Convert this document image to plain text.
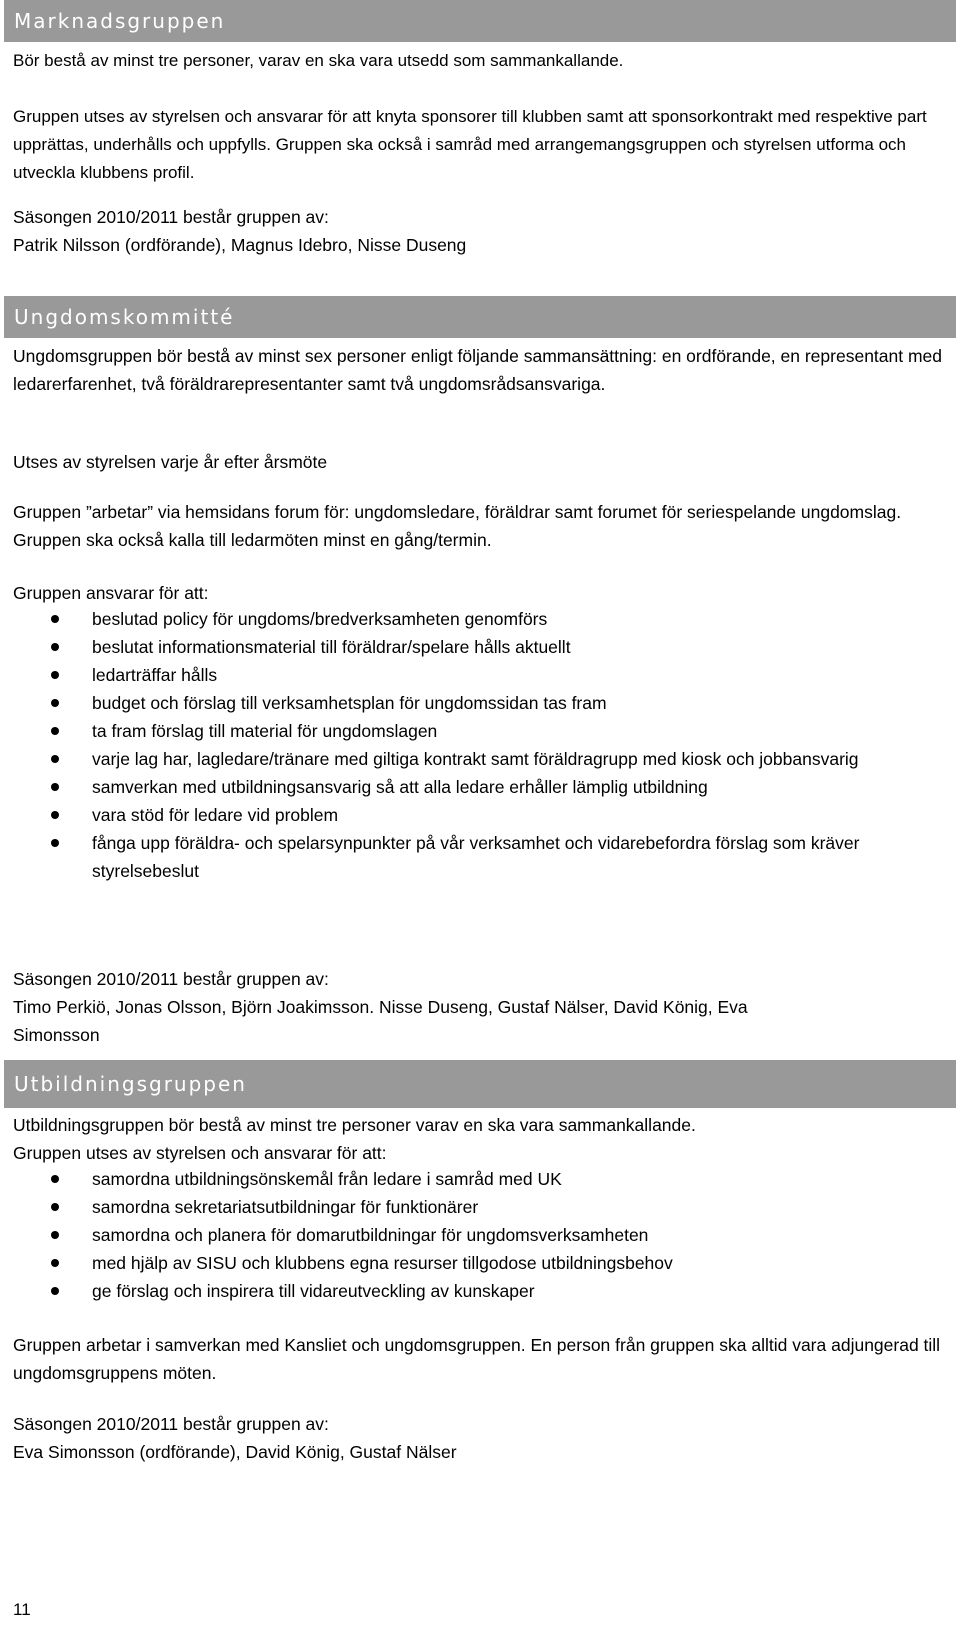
Marknadsgruppen

Bör bestå av minst tre personer, varav en ska vara utsedd som sammankallande.

Gruppen utses av styrelsen och ansvarar för att knyta sponsorer till klubben samt att sponsorkontrakt med respektive part upprättas, underhålls och uppfylls. Gruppen ska också i samråd med arrangemangsgruppen och styrelsen utforma och utveckla klubbens profil.

Säsongen 2010/2011 består gruppen av:

Patrik Nilsson (ordförande), Magnus Idebro, Nisse Duseng

Ungdomskommitté

Ungdomsgruppen bör bestå av minst sex personer enligt följande sammansättning: en ordförande, en representant med ledarerfarenhet, två föräldrarepresentanter samt två ungdomsrådsansvariga.

Utses av styrelsen varje år efter årsmöte

Gruppen ”arbetar” via hemsidans forum för: ungdomsledare, föräldrar samt forumet för seriespelande ungdomslag. Gruppen ska också kalla till ledarmöten minst en gång/termin.

Gruppen ansvarar för att:

beslutad policy för ungdoms/bredverksamheten genomförs
beslutat informationsmaterial till föräldrar/spelare hålls aktuellt
ledarträffar hålls
budget och förslag till verksamhetsplan för ungdomssidan tas fram
ta fram förslag till material för ungdomslagen
varje lag har, lagledare/tränare med giltiga kontrakt samt föräldragrupp med kiosk och jobbansvarig
samverkan med utbildningsansvarig så att alla ledare erhåller lämplig utbildning
vara stöd för ledare vid problem
fånga upp föräldra- och spelarsynpunkter på vår verksamhet och vidarebefordra förslag som kräver styrelsebeslut

Säsongen 2010/2011 består gruppen av:

Timo Perkiö, Jonas Olsson, Björn Joakimsson. Nisse Duseng, Gustaf Nälser, David König, Eva Simonsson

Utbildningsgruppen

Utbildningsgruppen bör bestå av minst tre personer varav en ska vara sammankallande.

Gruppen utses av styrelsen och ansvarar för att:

samordna utbildningsönskemål från ledare i samråd med UK
samordna sekretariatsutbildningar för funktionärer
samordna och planera för domarutbildningar för ungdomsverksamheten
med hjälp av SISU och klubbens egna resurser tillgodose utbildningsbehov
ge förslag och inspirera till vidareutveckling av kunskaper

Gruppen arbetar i samverkan med Kansliet och ungdomsgruppen. En person från gruppen ska alltid vara adjungerad till ungdomsgruppens möten.

Säsongen 2010/2011 består gruppen av:

Eva Simonsson (ordförande), David König, Gustaf Nälser

11
